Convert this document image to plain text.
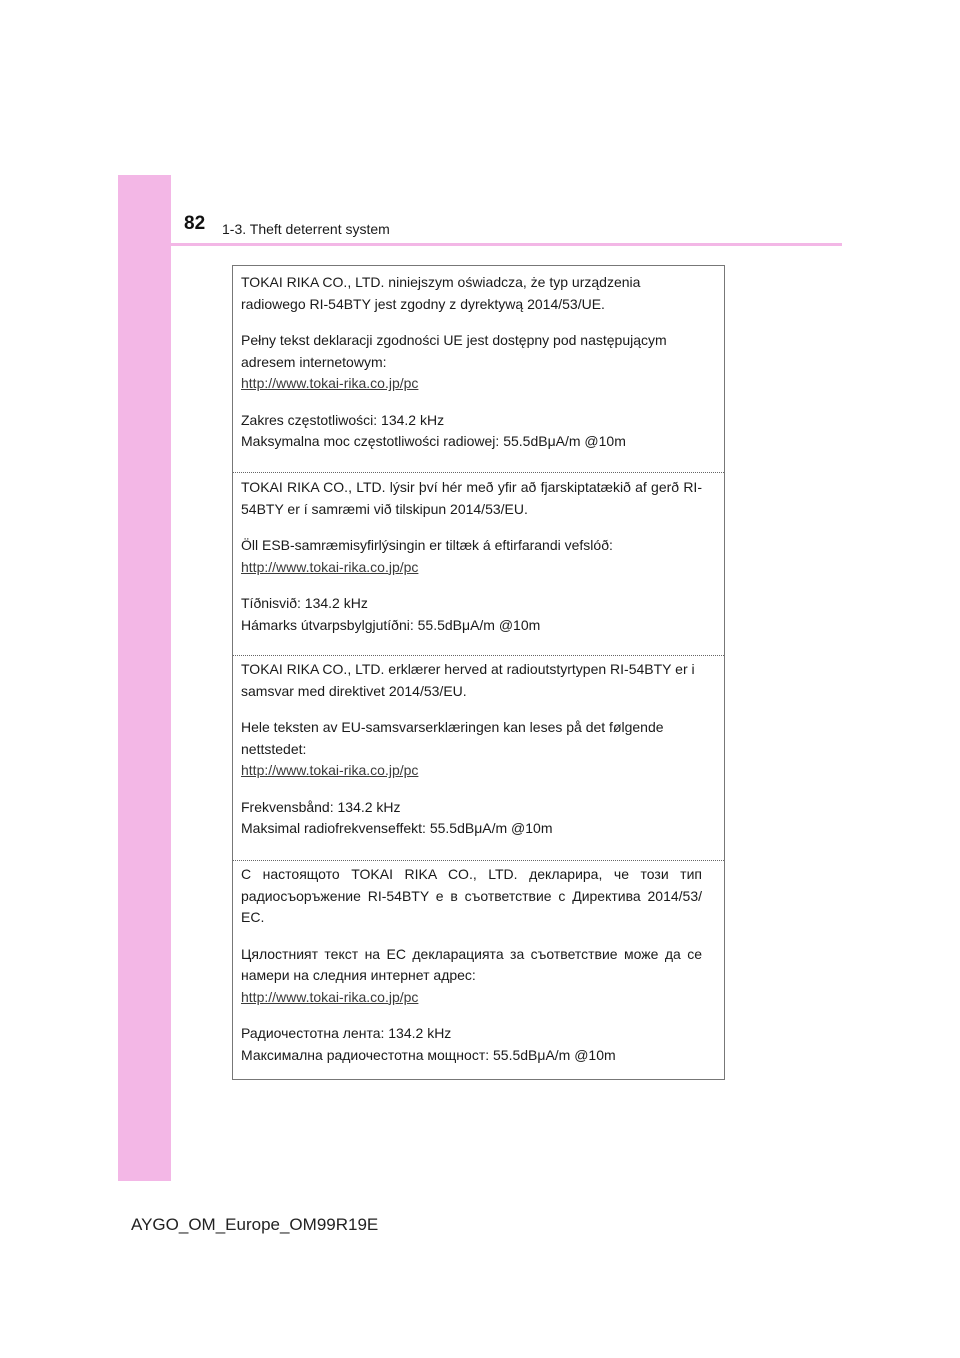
82 1-3. Theft deterrent system

TOKAI RIKA CO., LTD. niniejszym oświadcza, że typ urządzenia radiowego RI-54BTY jest zgodny z dyrektywą 2014/53/UE.

Pełny tekst deklaracji zgodności UE jest dostępny pod następującym adresem internetowym:
http://www.tokai-rika.co.jp/pc

Zakres częstotliwości: 134.2 kHz
Maksymalna moc częstotliwości radiowej: 55.5dBμA/m @10m

TOKAI RIKA CO., LTD. lýsir því hér með yfir að fjarskiptatækið af gerð RI-54BTY er í samræmi við tilskipun 2014/53/EU.

Öll ESB-samræmisyfirlýsingin er tiltæk á eftirfarandi vefslóð:
http://www.tokai-rika.co.jp/pc

Tíðnisvið: 134.2 kHz
Hámarks útvarpsbylgjutíðni: 55.5dBμA/m @10m

TOKAI RIKA CO., LTD. erklærer herved at radioutstyrtypen RI-54BTY er i samsvar med direktivet 2014/53/EU.

Hele teksten av EU-samsvarserklæringen kan leses på det følgende nettstedet:
http://www.tokai-rika.co.jp/pc

Frekvensbånd: 134.2 kHz
Maksimal radiofrekvenseffekt: 55.5dBμA/m @10m

С настоящото TOKAI RIKA CO., LTD. декларира, че този тип радиосъоръжение RI-54BTY е в съответствие с Директива 2014/53/ЕС.

Цялостният текст на ЕС декларацията за съответствие може да се намери на следния интернет адрес:
http://www.tokai-rika.co.jp/pc

Радиочестотна лента: 134.2 kHz
Максимална радиочестотна мощност: 55.5dBμA/m @10m

AYGO_OM_Europe_OM99R19E
